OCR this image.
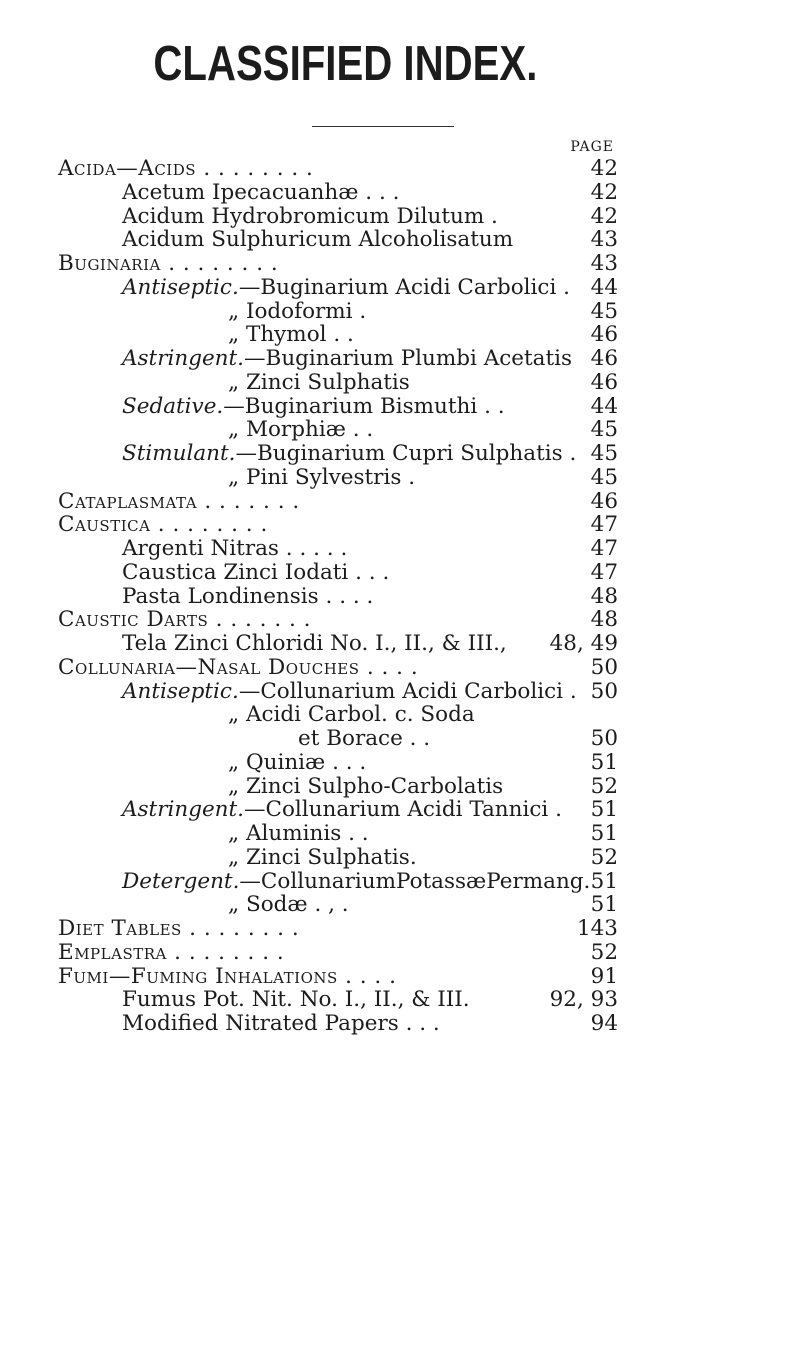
CLASSIFIED INDEX.
PAGE
Acida—Acids . . . . . . . .	42
Acetum Ipecacuanhæ . . .	42
Acidum Hydrobromicum Dilutum .	42
Acidum Sulphuricum Alcoholisatum	43
Buginaria . . . . . . . .	43
Antiseptic.—Buginarium Acidi Carbolici . 44
„ Iodoformi .	45
„ Thymol . .	46
Astringent.—Buginarium Plumbi Acetatis 46
„ Zinci Sulphatis	46
Sedative.—Buginarium Bismuthi . .	44
„ Morphiæ . .	45
Stimulant.—Buginarium Cupri Sulphatis . 45
„ Pini Sylvestris .	45
Cataplasmata . . . . . . .	46
Caustica . . . . . . . .	47
Argenti Nitras . . . . .	47
Caustica Zinci Iodati . . .	47
Pasta Londinensis . . . .	48
Caustic Darts . . . . . . .	48
Tela Zinci Chloridi No. I., II., & III., 48, 49
Collunaria—Nasal Douches . . . .	50
Antiseptic.—Collunarium Acidi Carbolici . 50
„ Acidi Carbol. c. Soda
et Borace . .	50
„ Quiniæ . . .	51
„ Zinci Sulpho-Carbolatis	52
Astringent.—Collunarium Acidi Tannici . 51
„ Aluminis . .	51
„ Zinci Sulphatis.	52
Detergent.—CollunariumPotassæPermang. 51
„ Sodæ . , .	51
Diet Tables . . . . . . . .	143
Emplastra . . . . . . . .	52
Fumi—Fuming Inhalations . . . .	91
Fumus Pot. Nit. No. I., II., & III.	92, 93
Modified Nitrated Papers . . .	94
